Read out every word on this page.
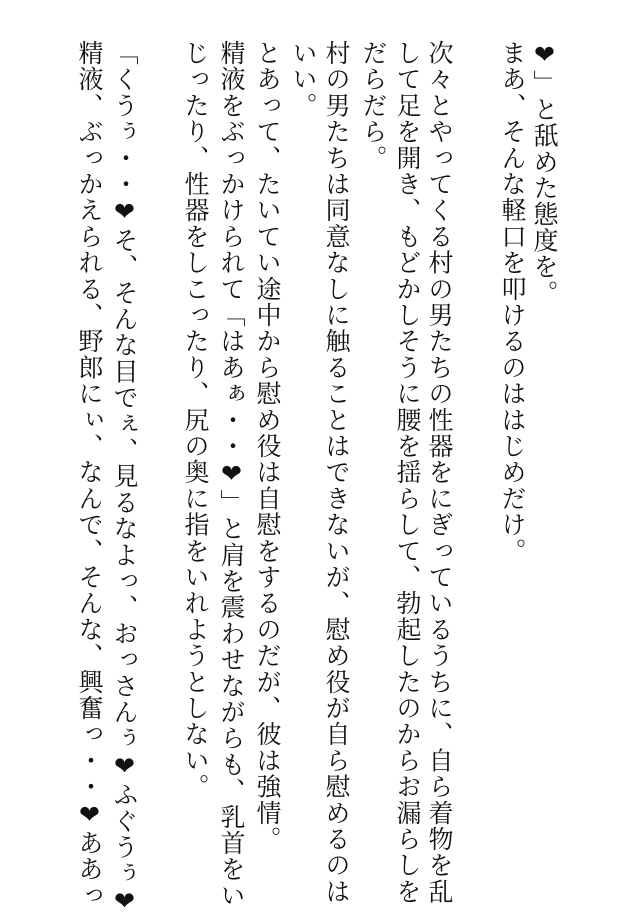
❤」と舐めた態度を。
まあ、そんな軽口を叩けるのははじめだけ。
次々とやってくる村の男たちの性器をにぎっているうちに、自ら着物を乱
して足を開き、もどかしそうに腰を揺らして、勃起したのからお漏らしを
だらだら。
村の男たちは同意なしに触ることはできないが、慰め役が自ら慰めるのは
いい。
とあって、たいてい途中から慰め役は自慰をするのだが、彼は強情。
精液をぶっかけられて「はあぁ・・❤」と肩を震わせながらも、乳首をい
じったり、性器をしこったり、尻の奥に指をいれようとしない。
「くうぅ・・❤そ、そんな目でぇ、見るなよっ、おっさんぅ❤ふぐうぅ❤
精液、ぶっかえられる、野郎にぃ、なんで、そんな、興奮っ・・❤ああっ
